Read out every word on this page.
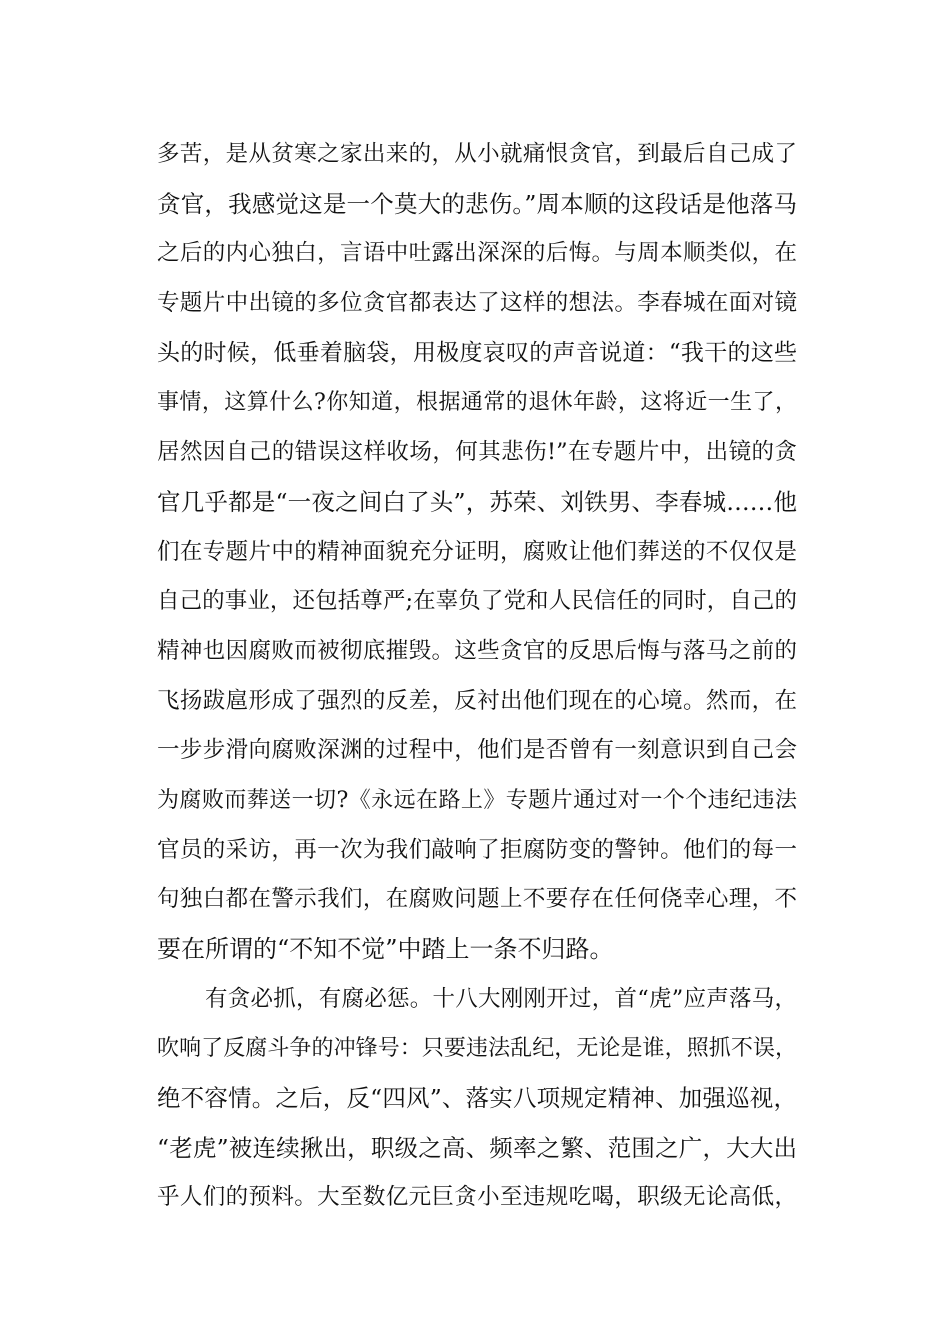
多苦，是从贫寒之家出来的，从小就痛恨贪官，到最后自己成了
贪官，我感觉这是一个莫大的悲伤。”周本顺的这段话是他落马
之后的内心独白，言语中吐露出深深的后悔。与周本顺类似，在
专题片中出镜的多位贪官都表达了这样的想法。李春城在面对镜
头的时候，低垂着脑袋，用极度哀叹的声音说道：“我干的这些
事情，这算什么?你知道，根据通常的退休年龄，这将近一生了，
居然因自己的错误这样收场，何其悲伤!”在专题片中，出镜的贪
官几乎都是“一夜之间白了头”，苏荣、刘铁男、李春城……他
们在专题片中的精神面貌充分证明，腐败让他们葬送的不仅仅是
自己的事业，还包括尊严;在辜负了党和人民信任的同时，自己的
精神也因腐败而被彻底摧毁。这些贪官的反思后悔与落马之前的
飞扬跋扈形成了强烈的反差，反衬出他们现在的心境。然而，在
一步步滑向腐败深渊的过程中，他们是否曾有一刻意识到自己会
为腐败而葬送一切?《永远在路上》专题片通过对一个个违纪违法
官员的采访，再一次为我们敲响了拒腐防变的警钟。他们的每一
句独白都在警示我们，在腐败问题上不要存在任何侥幸心理，不
要在所谓的“不知不觉”中踏上一条不归路。
有贪必抓，有腐必惩。十八大刚刚开过，首“虎”应声落马，
吹响了反腐斗争的冲锋号：只要违法乱纪，无论是谁，照抓不误，
绝不容情。之后，反“四风”、落实八项规定精神、加强巡视，
“老虎”被连续揪出，职级之高、频率之繁、范围之广，大大出
乎人们的预料。大至数亿元巨贪小至违规吃喝，职级无论高低，
